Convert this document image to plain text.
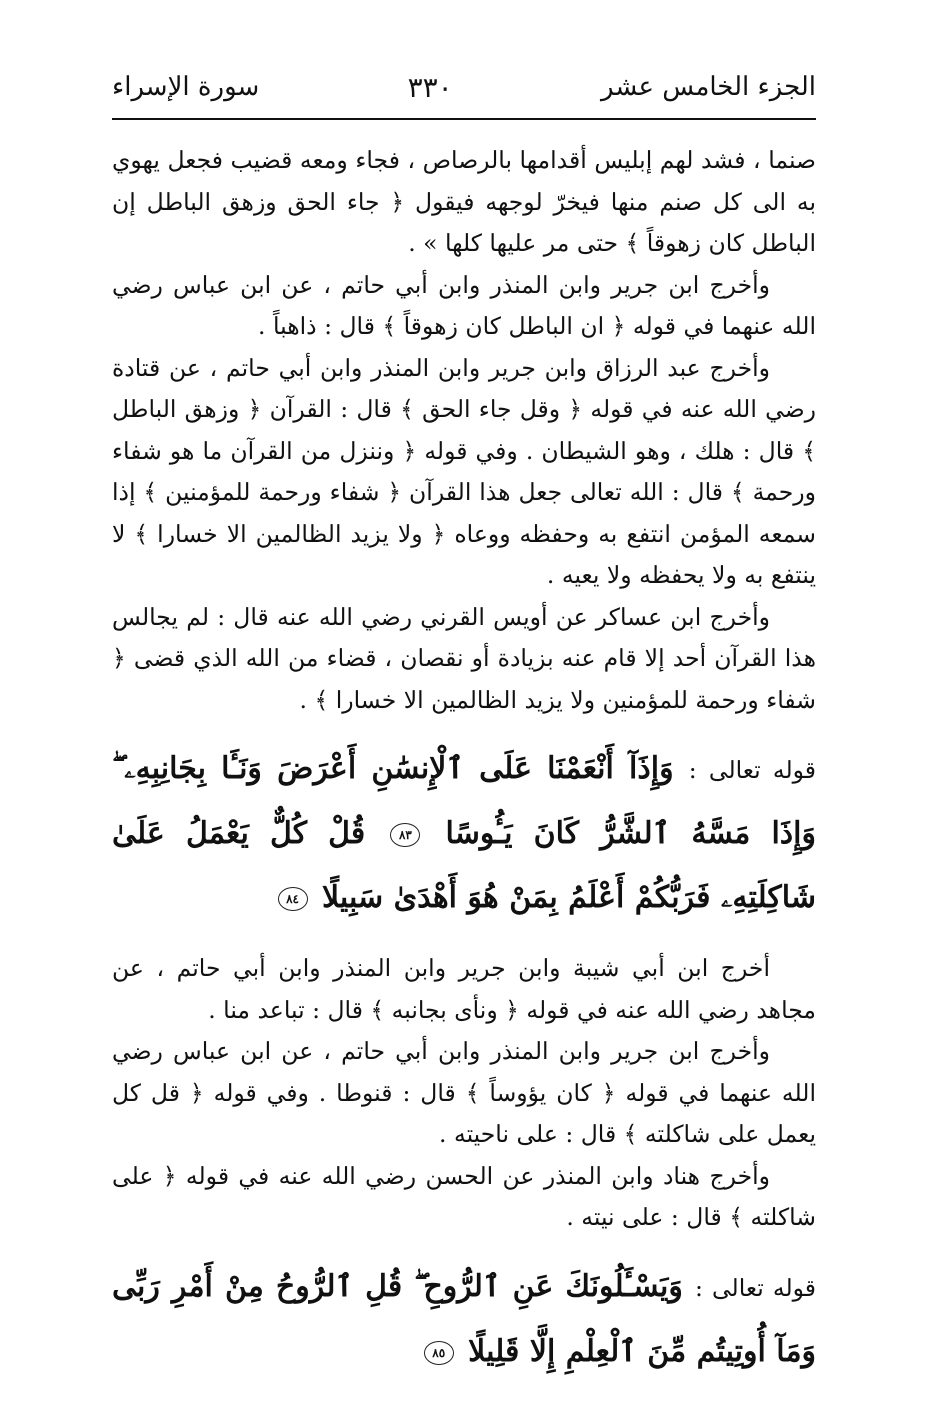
الجزء الخامس عشر
٣٣٠
سورة الإسراء

صنما ، فشد لهم إبليس أقدامها بالرصاص ، فجاء ومعه قضيب فجعل يهوي به الى كل صنم منها فيخرّ لوجهه فيقول ﴿ جاء الحق وزهق الباطل إن الباطل كان زهوقاً ﴾ حتى مر عليها كلها » .

وأخرج ابن جرير وابن المنذر وابن أبي حاتم ، عن ابن عباس رضي الله عنهما في قوله ﴿ ان الباطل كان زهوقاً ﴾ قال : ذاهباً .

وأخرج عبد الرزاق وابن جرير وابن المنذر وابن أبي حاتم ، عن قتادة رضي الله عنه في قوله ﴿ وقل جاء الحق ﴾ قال : القرآن ﴿ وزهق الباطل ﴾ قال : هلك ، وهو الشيطان . وفي قوله ﴿ وننزل من القرآن ما هو شفاء ورحمة ﴾ قال : الله تعالى جعل هذا القرآن ﴿ شفاء ورحمة للمؤمنين ﴾ إذا سمعه المؤمن انتفع به وحفظه ووعاه ﴿ ولا يزيد الظالمين الا خسارا ﴾ لا ينتفع به ولا يحفظه ولا يعيه .

وأخرج ابن عساكر عن أويس القرني رضي الله عنه قال : لم يجالس هذا القرآن أحد إلا قام عنه بزيادة أو نقصان ، قضاء من الله الذي قضى ﴿ شفاء ورحمة للمؤمنين ولا يزيد الظالمين الا خسارا ﴾ .

قوله تعالى : وَإِذَآ أَنْعَمْنَا عَلَى ٱلْإِنسَٰنِ أَعْرَضَ وَنَـَٔا بِجَانِبِهِۦ ۖ وَإِذَا مَسَّهُ ٱلشَّرُّ كَانَ يَـُٔوسًا ٨٣ قُلْ كُلٌّ يَعْمَلُ عَلَىٰ شَاكِلَتِهِۦ فَرَبُّكُمْ أَعْلَمُ بِمَنْ هُوَ أَهْدَىٰ سَبِيلًا ٨٤

أخرج ابن أبي شيبة وابن جرير وابن المنذر وابن أبي حاتم ، عن مجاهد رضي الله عنه في قوله ﴿ ونأى بجانبه ﴾ قال : تباعد منا .

وأخرج ابن جرير وابن المنذر وابن أبي حاتم ، عن ابن عباس رضي الله عنهما في قوله ﴿ كان يؤوساً ﴾ قال : قنوطا . وفي قوله ﴿ قل كل يعمل على شاكلته ﴾ قال : على ناحيته .

وأخرج هناد وابن المنذر عن الحسن رضي الله عنه في قوله ﴿ على شاكلته ﴾ قال : على نيته .

قوله تعالى : وَيَسْـَٔلُونَكَ عَنِ ٱلرُّوحِ ۖ قُلِ ٱلرُّوحُ مِنْ أَمْرِ رَبِّى وَمَآ أُوتِيتُم مِّنَ ٱلْعِلْمِ إِلَّا قَلِيلًا ٨٥
